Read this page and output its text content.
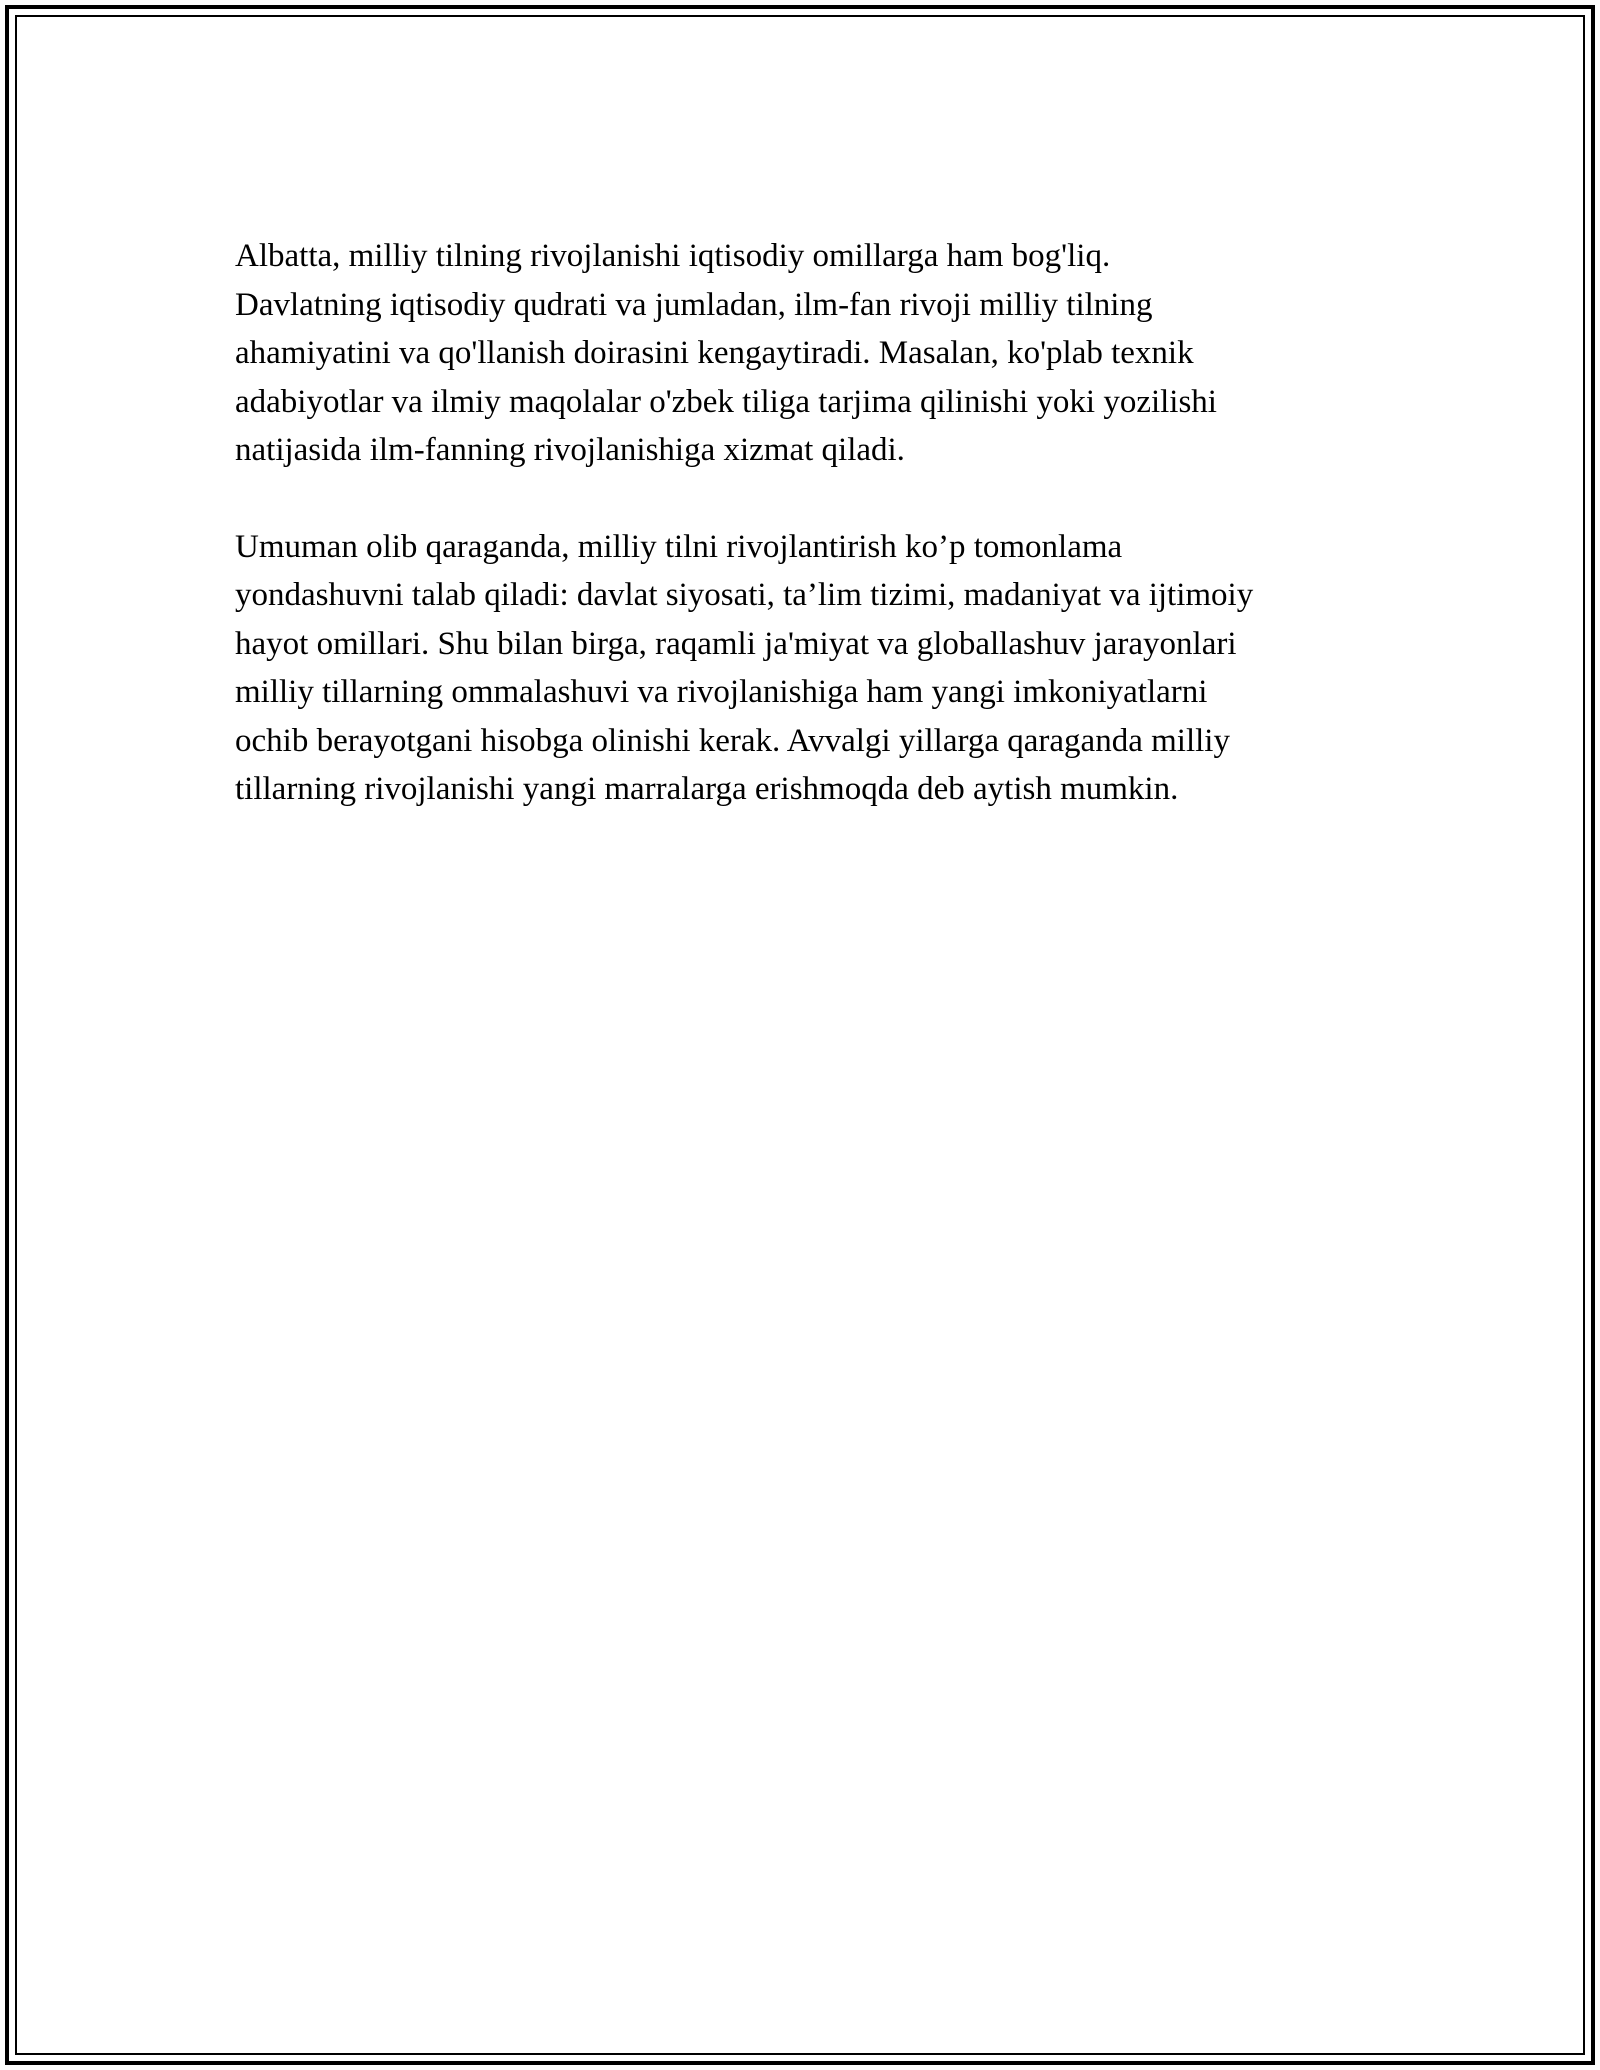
Albatta, milliy tilning rivojlanishi iqtisodiy omillarga ham bog'liq.
Davlatning iqtisodiy qudrati va jumladan, ilm-fan rivoji milliy tilning
ahamiyatini va qo'llanish doirasini kengaytiradi. Masalan, ko'plab texnik
adabiyotlar va ilmiy maqolalar o'zbek tiliga tarjima qilinishi yoki yozilishi
natijasida ilm-fanning rivojlanishiga xizmat qiladi.

Umuman olib qaraganda, milliy tilni rivojlantirish ko’p tomonlama
yondashuvni talab qiladi: davlat siyosati, ta’lim tizimi, madaniyat va ijtimoiy
hayot omillari. Shu bilan birga, raqamli ja'miyat va globallashuv jarayonlari
milliy tillarning ommalashuvi va rivojlanishiga ham yangi imkoniyatlarni
ochib berayotgani hisobga olinishi kerak. Avvalgi yillarga qaraganda milliy
tillarning rivojlanishi yangi marralarga erishmoqda deb aytish mumkin.
